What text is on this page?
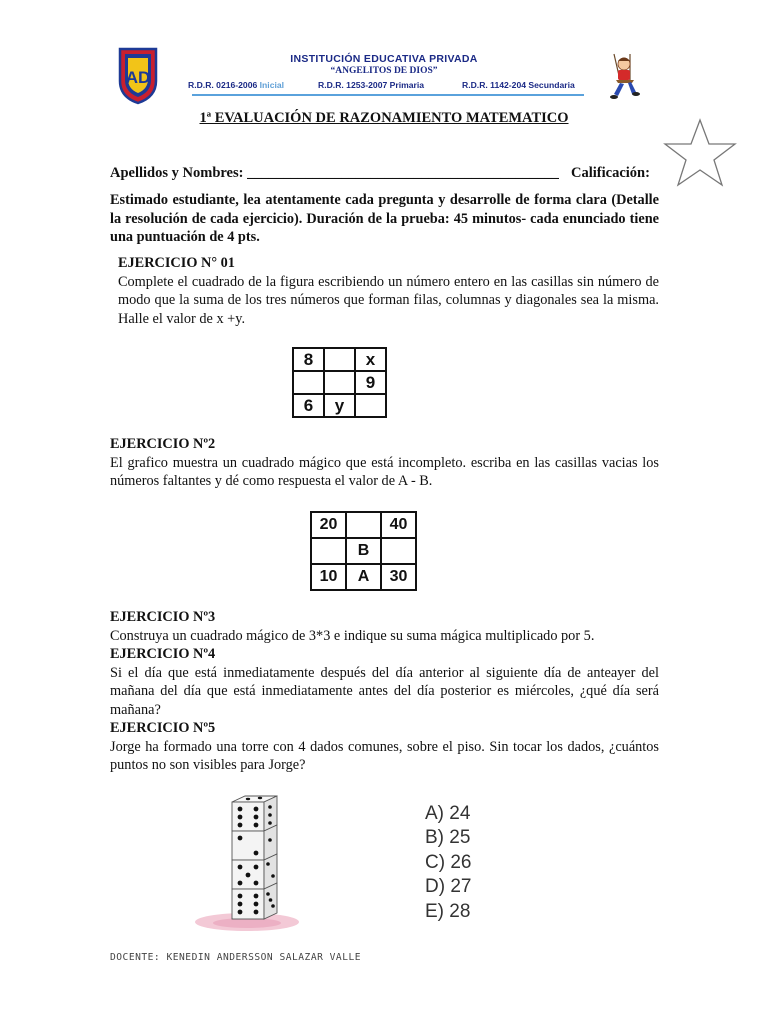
AD
INSTITUCIÓN EDUCATIVA PRIVADA
“ANGELITOS DE DIOS”
R.D.R. 0216-2006 Inicial	R.D.R. 1253-2007 Primaria	R.D.R. 1142-204 Secundaria
1ª EVALUACIÓN DE RAZONAMIENTO MATEMATICO
Apellidos y Nombres: ___________________________________________ Calificación:
Estimado estudiante, lea atentamente cada pregunta y desarrolle de forma clara (Detalle la resolución de cada ejercicio). Duración de la prueba: 45 minutos- cada enunciado tiene una puntuación de 4 pts.
EJERCICIO N° 01
Complete el cuadrado de la figura escribiendo un número entero en las casillas sin número de modo que la suma de los tres números que forman filas, columnas y diagonales sea la misma. Halle el valor de x +y.
8		x
		9
6	y	
EJERCICIO Nº2
El grafico muestra un cuadrado mágico que está incompleto. escriba en las casillas vacias los números faltantes y dé como respuesta el valor de A - B.
20		40
	B	
10	A	30
EJERCICIO Nº3
Construya un cuadrado mágico de 3*3 e indique su suma mágica multiplicado por 5.
EJERCICIO Nº4
Si el día que está inmediatamente después del día anterior al siguiente día de anteayer del mañana del día que está inmediatamente antes del día posterior es miércoles, ¿qué día será mañana?
EJERCICIO Nº5
Jorge ha formado una torre con 4 dados comunes, sobre el piso. Sin tocar los dados, ¿cuántos puntos no son visibles para Jorge?
A) 24
B) 25
C) 26
D) 27
E) 28
DOCENTE: KENEDIN ANDERSSON SALAZAR VALLE
